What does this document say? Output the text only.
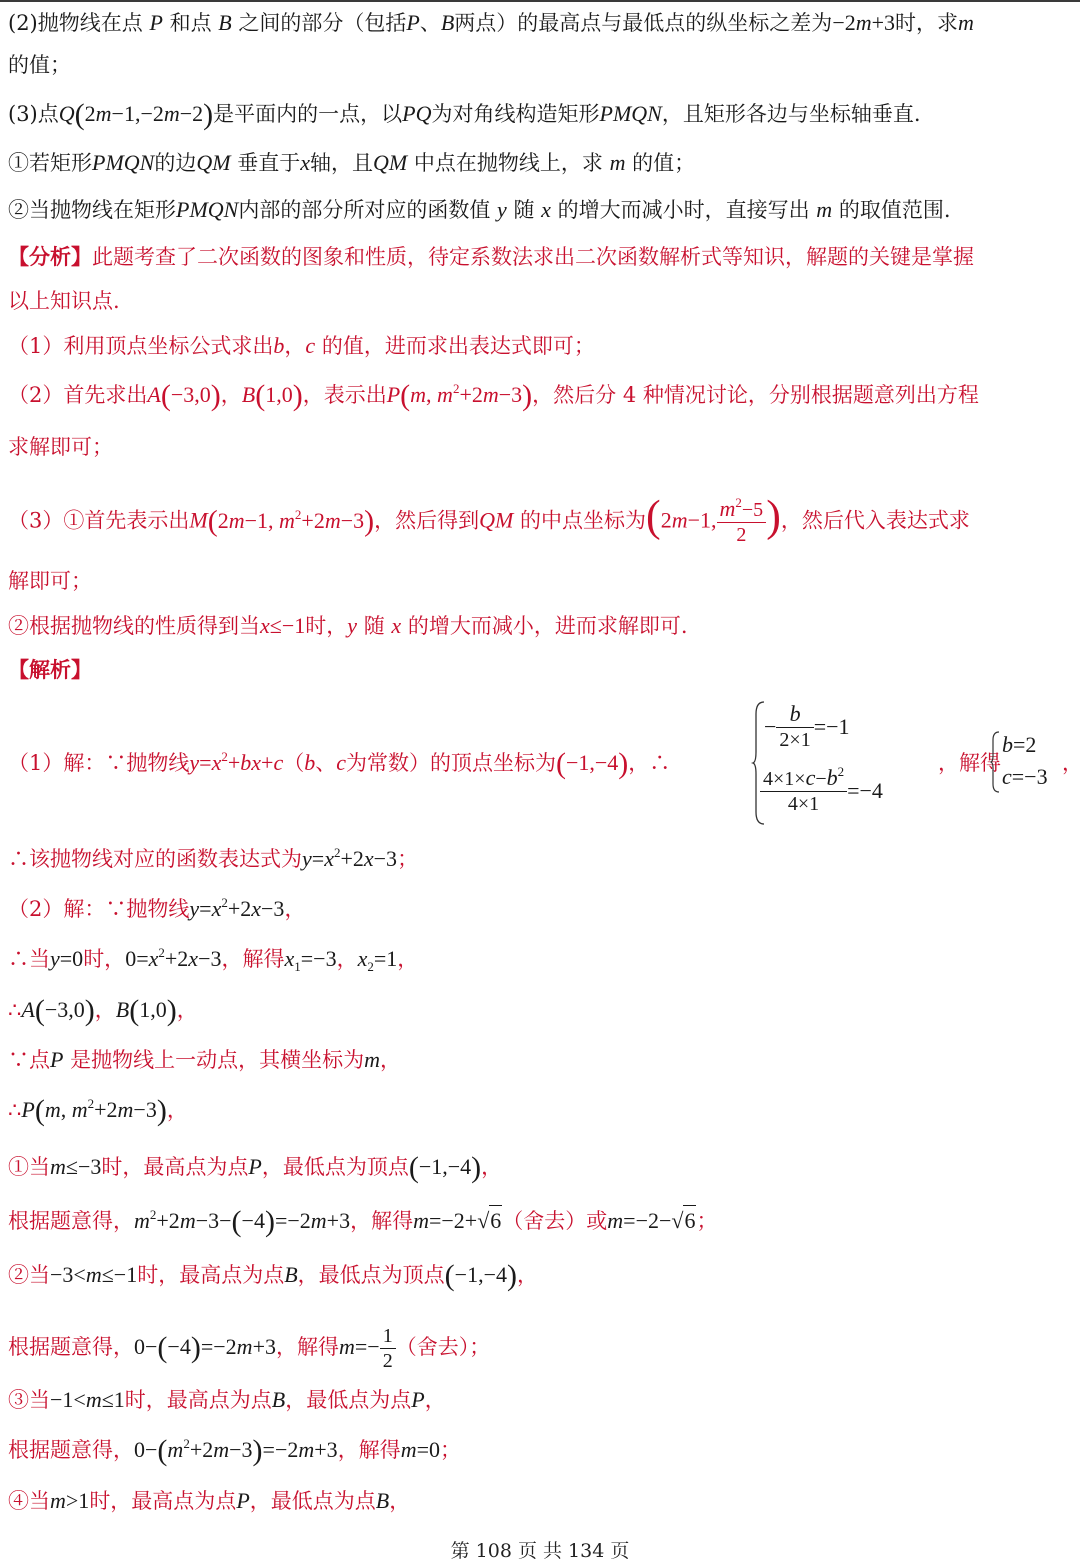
(2)抛物线在点 P 和点 B 之间的部分（包括P、B两点）的最高点与最低点的纵坐标之差为−2m+3时，求m
的值；
(3)点Q(2m−1,−2m−2)是平面内的一点，以PQ为对角线构造矩形PMQN，且矩形各边与坐标轴垂直.
①若矩形PMQN的边QM 垂直于x轴，且QM 中点在抛物线上，求 m 的值；
②当抛物线在矩形PMQN内部的部分所对应的函数值 y 随 x 的增大而减小时，直接写出 m 的取值范围.
【分析】此题考查了二次函数的图象和性质，待定系数法求出二次函数解析式等知识，解题的关键是掌握
以上知识点.
（1）利用顶点坐标公式求出b，c 的值，进而求出表达式即可；
（2）首先求出A(−3,0)，B(1,0)，表示出P(m, $m^2+2m-3$)，然后分 4 种情况讨论，分别根据题意列出方程
求解即可；
（3）①首先表示出M(2m−1, $m^2+2m-3$)，然后得到QM 的中点坐标为(2m−1, $\frac{m^2-5}{2}$ )，然后代入表达式求
解即可；
②根据抛物线的性质得到当x≤−1时，y 随 x 的增大而减小，进而求解即可.
【解析】
（1）解：∵抛物线$y=x^2+bx+c(b$、c为常数）的顶点坐标为(−1,−4)，∴
− $\frac{b}{2\times 1} =-1$
$\frac{4\times 1\times c-b^2}{4\times 1} =-4$
，解得
b=2
c=−3
，
∴该抛物线对应的函数表达式为$y=x^2+2x-3$；
（2）解：∵抛物线$y=x^2+2x-3$，
∴当y=0时，$0=x^2+2x-3$，解得$x_1=-3$，$x_2=1$，
∴A(−3,0)，B(1,0)，
∵点P 是抛物线上一动点，其横坐标为m，
∴P(m, $m^2+2m-3$)，
①当m≤−3时，最高点为点P，最低点为顶点(−1,−4)，
根据题意得，$m^2+2m-3-(-4)=-2m+3$，解得m=−2+√6（舍去）或m=−2−√6；
②当−3<m≤−1时，最高点为点B，最低点为顶点(−1,−4)，
根据题意得，0−(−4)=−2m+3，解得$m=- \frac{1}{2}$ （舍去）；
③当−1<m≤1时，最高点为点B，最低点为点P，
根据题意得，$0-(m^2+2m-3)=-2m+3$，解得m=0；
④当m>1时，最高点为点P，最低点为点B，
第 108 页 共 134 页
